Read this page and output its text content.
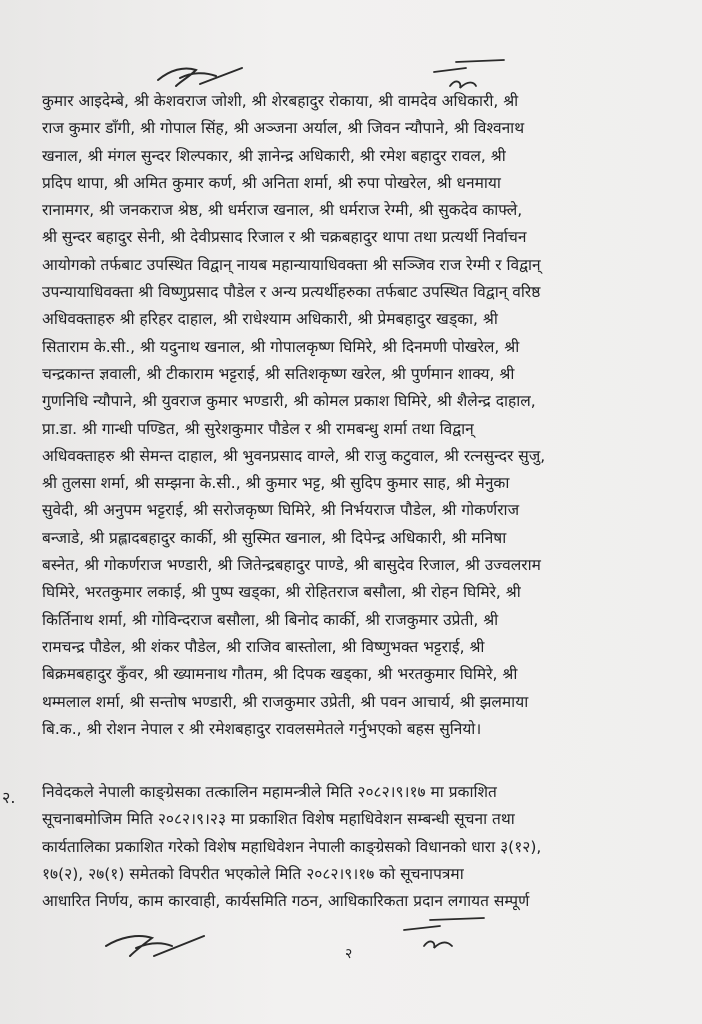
कुमार आइदेम्बे, श्री केशवराज जोशी, श्री शेरबहादुर रोकाया, श्री वामदेव अधिकारी, श्री
राज कुमार डाँगी, श्री गोपाल सिंह, श्री अञ्जना अर्याल, श्री जिवन न्यौपाने, श्री विश्वनाथ
खनाल, श्री मंगल सुन्दर शिल्पकार, श्री ज्ञानेन्द्र अधिकारी, श्री रमेश बहादुर रावल, श्री
प्रदिप थापा, श्री अमित कुमार कर्ण, श्री अनिता शर्मा, श्री रुपा पोखरेल, श्री धनमाया
रानामगर, श्री जनकराज श्रेष्ठ, श्री धर्मराज खनाल, श्री धर्मराज रेग्मी, श्री सुकदेव काफ्ले,
श्री सुन्दर बहादुर सेनी, श्री देवीप्रसाद रिजाल र श्री चक्रबहादुर थापा तथा प्रत्यर्थी निर्वाचन
आयोगको तर्फबाट उपस्थित विद्वान् नायब महान्यायाधिवक्ता श्री सञ्जिव राज रेग्मी र विद्वान्
उपन्यायाधिवक्ता श्री विष्णुप्रसाद पौडेल र अन्य प्रत्यर्थीहरुका तर्फबाट उपस्थित विद्वान् वरिष्ठ
अधिवक्ताहरु श्री हरिहर दाहाल, श्री राधेश्याम अधिकारी, श्री प्रेमबहादुर खड्का, श्री
सिताराम के.सी., श्री यदुनाथ खनाल, श्री गोपालकृष्ण घिमिरे, श्री दिनमणी पोखरेल, श्री
चन्द्रकान्त ज्ञवाली, श्री टीकाराम भट्टराई, श्री सतिशकृष्ण खरेल, श्री पुर्णमान शाक्य, श्री
गुणनिधि न्यौपाने, श्री युवराज कुमार भण्डारी, श्री कोमल प्रकाश घिमिरे, श्री शैलेन्द्र दाहाल,
प्रा.डा. श्री गान्धी पण्डित, श्री सुरेशकुमार पौडेल र श्री रामबन्धु शर्मा तथा विद्वान्
अधिवक्ताहरु श्री सेमन्त दाहाल, श्री भुवनप्रसाद वाग्ले, श्री राजु कटुवाल, श्री रत्नसुन्दर सुजु,
श्री तुलसा शर्मा, श्री सम्झना के.सी., श्री कुमार भट्ट, श्री सुदिप कुमार साह, श्री मेनुका
सुवेदी, श्री अनुपम भट्टराई, श्री सरोजकृष्ण घिमिरे, श्री निर्भयराज पौडेल, श्री गोकर्णराज
बन्जाडे, श्री प्रह्लादबहादुर कार्की, श्री सुस्मित खनाल, श्री दिपेन्द्र अधिकारी, श्री मनिषा
बस्नेत, श्री गोकर्णराज भण्डारी, श्री जितेन्द्रबहादुर पाण्डे, श्री बासुदेव रिजाल, श्री उज्वलराम
घिमिरे, भरतकुमार लकाई, श्री पुष्प खड्का, श्री रोहितराज बसौला, श्री रोहन घिमिरे, श्री
किर्तिनाथ शर्मा, श्री गोविन्दराज बसौला, श्री बिनोद कार्की, श्री राजकुमार उप्रेती, श्री
रामचन्द्र पौडेल, श्री शंकर पौडेल, श्री राजिव बास्तोला, श्री विष्णुभक्त भट्टराई, श्री
बिक्रमबहादुर कुँवर, श्री ख्यामनाथ गौतम, श्री दिपक खड्का, श्री भरतकुमार घिमिरे, श्री
थम्मलाल शर्मा, श्री सन्तोष भण्डारी, श्री राजकुमार उप्रेती, श्री पवन आचार्य, श्री झलमाया
बि.क., श्री रोशन नेपाल र श्री रमेशबहादुर रावलसमेतले गर्नुभएको बहस सुनियो।
२. निवेदकले नेपाली काङ्ग्रेसका तत्कालिन महामन्त्रीले मिति २०८२।९।१७ मा प्रकाशित
सूचनाबमोजिम मिति २०८२।९।२३ मा प्रकाशित विशेष महाधिवेशन सम्बन्धी सूचना तथा
कार्यतालिका प्रकाशित गरेको विशेष महाधिवेशन नेपाली काङ्ग्रेसको विधानको धारा ३(१२),
१७(२), २७(१) समेतको विपरीत भएकोले मिति २०८२।९।१७ को सूचनापत्रमा
आधारित निर्णय, काम कारवाही, कार्यसमिति गठन, आधिकारिकता प्रदान लगायत सम्पूर्ण
२
